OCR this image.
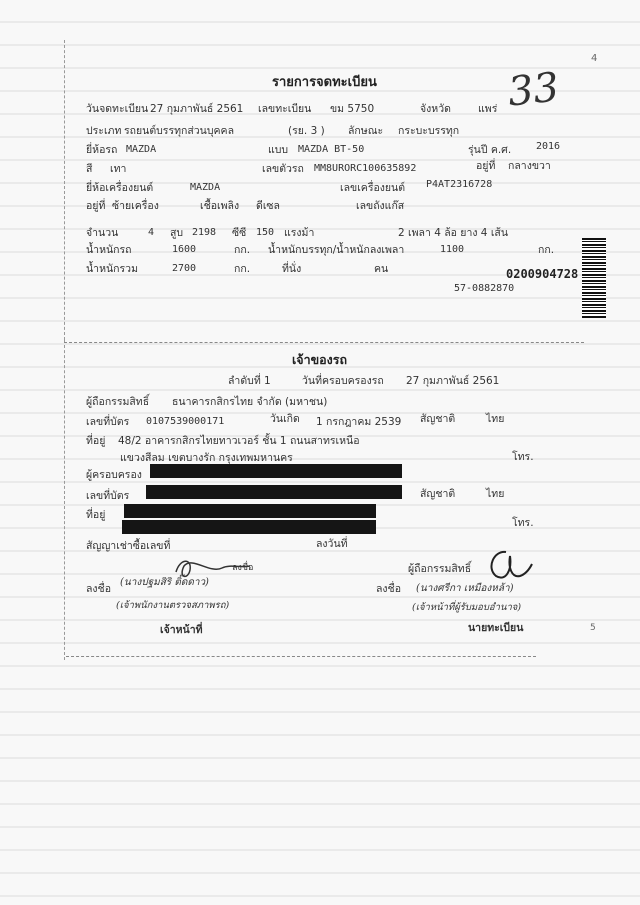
4
33
รายการจดทะเบียน
วันจดทะเบียน 27 กุมภาพันธ์ 2561 เลขทะเบียน ขม 5750	จังหวัด	แพร่
ประเภท รถยนต์บรรทุกส่วนบุคคล	(รย. 3 ) ลักษณะ กระบะบรรทุก
ยี่ห้อรถ MAZDA	แบบ MAZDA BT-50	รุ่นปี ค.ศ. 2016
สี เทา	เลขตัวรถ MM8URORC100635892	อยู่ที่ กลางขวา
ยี่ห้อเครื่องยนต์	MAZDA	เลขเครื่องยนต์ P4AT2316728
อยู่ที่ ซ้ายเครื่อง	เชื้อเพลิง ดีเซล	เลขถังแก๊ส
จำนวน	4 สูบ 2198 ซีซี 150 แรงม้า	2 เพลา 4 ล้อ ยาง 4 เส้น
น้ำหนักรถ	1600	กก. น้ำหนักบรรทุก/น้ำหนักลงเพลา	1100	กก.
น้ำหนักรวม	2700	กก.	ที่นั่ง	คน	0200904728
57-0882870
เจ้าของรถ
ลำดับที่ 1	วันที่ครอบครองรถ 27 กุมภาพันธ์ 2561
ผู้ถือกรรมสิทธิ์ ธนาคารกสิกรไทย จำกัด (มหาชน)
เลขที่บัตร 0107539000171	วันเกิด 1 กรกฎาคม 2539 สัญชาติ	ไทย
ที่อยู่ 48/2 อาคารกสิกรไทยทาวเวอร์ ชั้น 1 ถนนสาทรเหนือ
แขวงสีลม เขตบางรัก กรุงเทพมหานคร	โทร.
ผู้ครอบครอง
เลขที่บัตร	สัญชาติ	ไทย
ที่อยู่
โทร.
สัญญาเช่าซื้อเลขที่	ลงวันที่
ลงชื่อ	ผู้ถือกรรมสิทธิ์
ลงชื่อ
(นางปฐมสิริ ติ๊ดดาว)
ลงชื่อ (นางศรีกา เหมืองหล้า)
(เจ้าพนักงานตรวจสภาพรถ)	(เจ้าหน้าที่ผู้รับมอบอำนาจ)
เจ้าหน้าที่	นายทะเบียน	5
